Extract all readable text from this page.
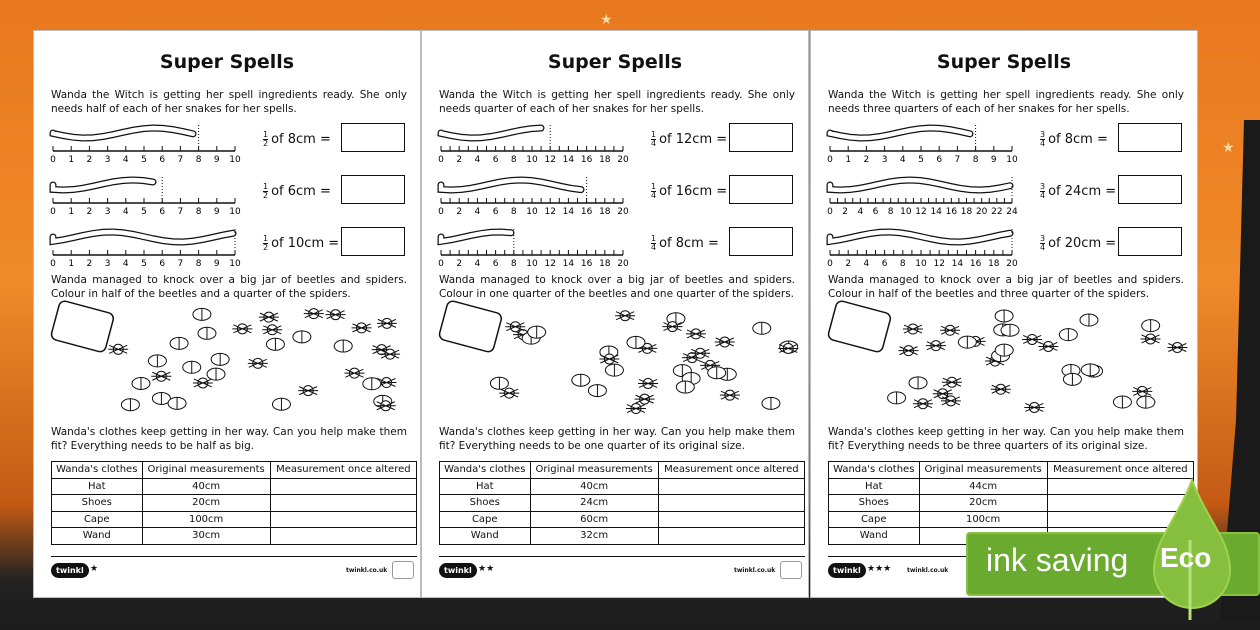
★
★
Super Spells
Wanda the Witch is getting her spell ingredients ready. She only needs half of each of her snakes for her spells.
0 1 2 3 4 5 6 7 8 9 10
$\frac{1}{2}$ of 8cm =
0 1 2 3 4 5 6 7 8 9 10
$\frac{1}{2}$ of 6cm =
0 1 2 3 4 5 6 7 8 9 10
$\frac{1}{2}$ of 10cm =
Wanda managed to knock over a big jar of beetles and spiders. Colour in half of the beetles and a quarter of the spiders.
Wanda's clothes keep getting in her way. Can you help make them fit? Everything needs to be half as big.
Wanda's clothes	Original measurements	Measurement once altered
Hat	40cm	
Shoes	20cm	
Cape	100cm	
Wand	30cm	
twinkl ★	twinkl.co.uk
Super Spells
Wanda the Witch is getting her spell ingredients ready. She only needs quarter of each of her snakes for her spells.
0 2 4 6 8 10 12 14 16 18 20
$\frac{1}{4}$ of 12cm =
0 2 4 6 8 10 12 14 16 18 20
$\frac{1}{4}$ of 16cm =
0 2 4 6 8 10 12 14 16 18 20
$\frac{1}{4}$ of 8cm =
Wanda managed to knock over a big jar of beetles and spiders. Colour in one quarter of the beetles and one quarter of the spiders.
Wanda's clothes keep getting in her way. Can you help make them fit? Everything needs to be one quarter of its original size.
Wanda's clothes	Original measurements	Measurement once altered
Hat	40cm	
Shoes	24cm	
Cape	60cm	
Wand	32cm	
twinkl ★★	twinkl.co.uk
Super Spells
Wanda the Witch is getting her spell ingredients ready. She only needs three quarters of each of her snakes for her spells.
0 1 2 3 4 5 6 7 8 9 10
$\frac{3}{4}$ of 8cm =
0 2 4 6 8 10 12 14 16 18 20 22 24
$\frac{3}{4}$ of 24cm =
0 2 4 6 8 10 12 14 16 18 20
$\frac{3}{4}$ of 20cm =
Wanda managed to knock over a big jar of beetles and spiders. Colour in half of the beetles and three quarter of the spiders.
Wanda's clothes keep getting in her way. Can you help make them fit? Everything needs to be three quarters of its original size.
Wanda's clothes	Original measurements	Measurement once altered
Hat	44cm	
Shoes	20cm	
Cape	100cm	
Wand		
twinkl ★★★	twinkl.co.uk ink saving Eco
